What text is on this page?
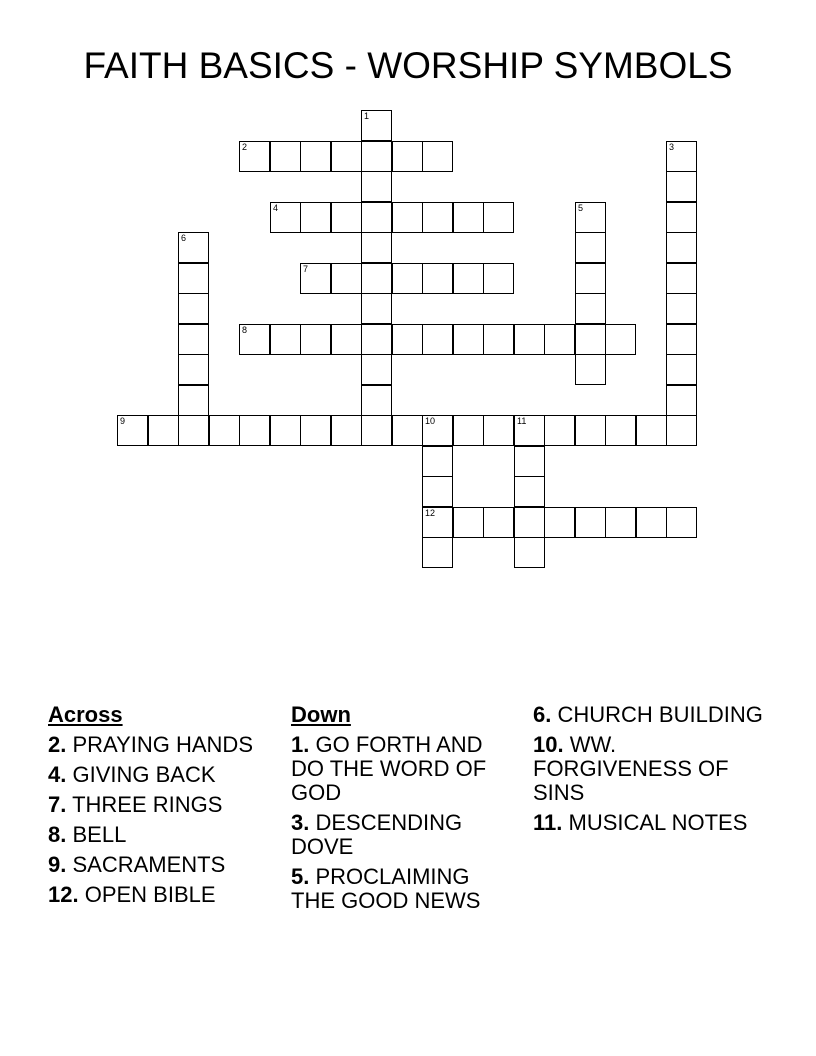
FAITH BASICS - WORSHIP SYMBOLS
1
2	3
4	5
6
7
8
9	10	11
12
Across
2. PRAYING HANDS
4. GIVING BACK
7. THREE RINGS
8. BELL
9. SACRAMENTS
12. OPEN BIBLE
Down
1. GO FORTH AND DO THE WORD OF GOD
3. DESCENDING DOVE
5. PROCLAIMING THE GOOD NEWS
6. CHURCH BUILDING
10. WW. FORGIVENESS OF SINS
11. MUSICAL NOTES
